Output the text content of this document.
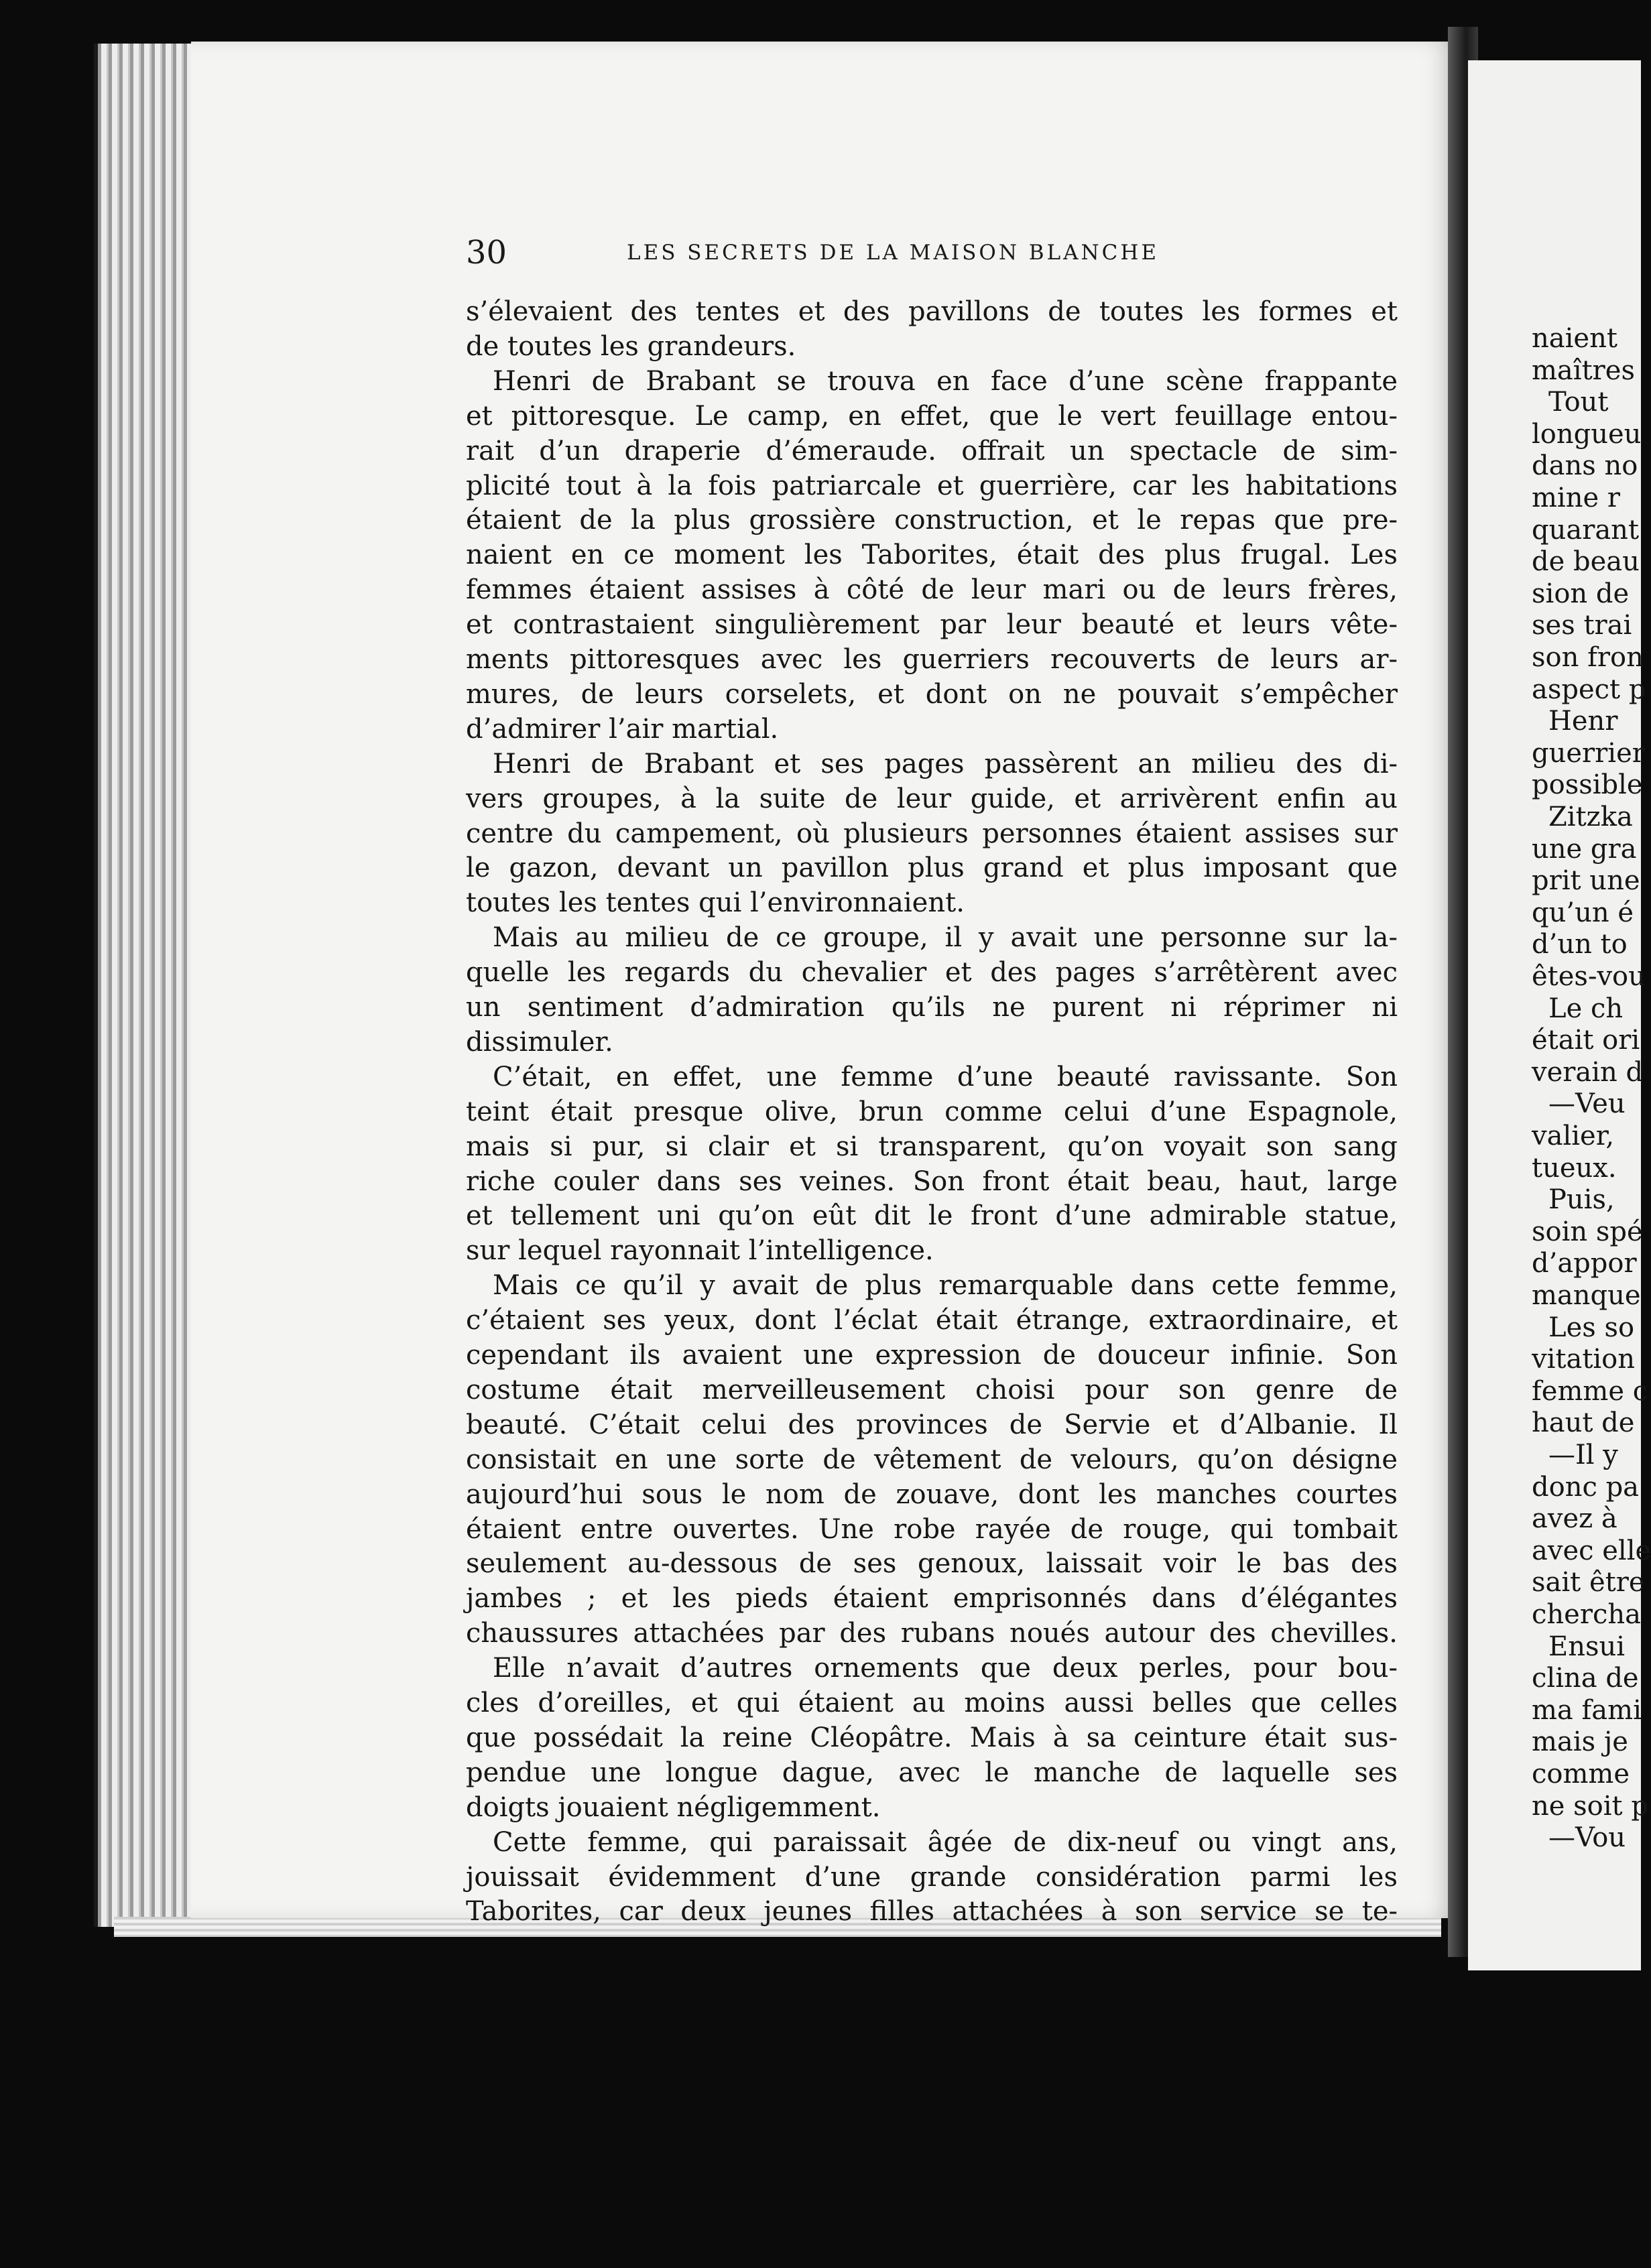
30	LES SECRETS DE LA MAISON BLANCHE
s’élevaient des tentes et des pavillons de toutes les formes et
de toutes les grandeurs.
Henri de Brabant se trouva en face d’une scène frappante
et pittoresque. Le camp, en effet, que le vert feuillage entou-
rait d’un draperie d’émeraude. offrait un spectacle de sim-
plicité tout à la fois patriarcale et guerrière, car les habitations
étaient de la plus grossière construction, et le repas que pre-
naient en ce moment les Taborites, était des plus frugal. Les
femmes étaient assises à côté de leur mari ou de leurs frères,
et contrastaient singulièrement par leur beauté et leurs vête-
ments pittoresques avec les guerriers recouverts de leurs ar-
mures, de leurs corselets, et dont on ne pouvait s’empêcher
d’admirer l’air martial.
Henri de Brabant et ses pages passèrent an milieu des di-
vers groupes, à la suite de leur guide, et arrivèrent enfin au
centre du campement, où plusieurs personnes étaient assises sur
le gazon, devant un pavillon plus grand et plus imposant que
toutes les tentes qui l’environnaient.
Mais au milieu de ce groupe, il y avait une personne sur la-
quelle les regards du chevalier et des pages s’arrêtèrent avec
un sentiment d’admiration qu’ils ne purent ni réprimer ni
dissimuler.
C’était, en effet, une femme d’une beauté ravissante. Son
teint était presque olive, brun comme celui d’une Espagnole,
mais si pur, si clair et si transparent, qu’on voyait son sang
riche couler dans ses veines. Son front était beau, haut, large
et tellement uni qu’on eût dit le front d’une admirable statue,
sur lequel rayonnait l’intelligence.
Mais ce qu’il y avait de plus remarquable dans cette femme,
c’étaient ses yeux, dont l’éclat était étrange, extraordinaire, et
cependant ils avaient une expression de douceur infinie. Son
costume était merveilleusement choisi pour son genre de
beauté. C’était celui des provinces de Servie et d’Albanie. Il
consistait en une sorte de vêtement de velours, qu’on désigne
aujourd’hui sous le nom de zouave, dont les manches courtes
étaient entre ouvertes. Une robe rayée de rouge, qui tombait
seulement au-dessous de ses genoux, laissait voir le bas des
jambes ; et les pieds étaient emprisonnés dans d’élégantes
chaussures attachées par des rubans noués autour des chevilles.
Elle n’avait d’autres ornements que deux perles, pour bou-
cles d’oreilles, et qui étaient au moins aussi belles que celles
que possédait la reine Cléopâtre. Mais à sa ceinture était sus-
pendue une longue dague, avec le manche de laquelle ses
doigts jouaient négligemment.
Cette femme, qui paraissait âgée de dix-neuf ou vingt ans,
jouissait évidemment d’une grande considération parmi les
Taborites, car deux jeunes filles attachées à son service se te-
naient
maîtres
Tout
longueu
dans no
mine r
quarant
de beau
sion de
ses trai
son fron
aspect p
Henr
guerrier
possible
Zitzka
une gra
prit une
qu’un é
d’un to
êtes-vou
Le ch
était ori
verain d
—Veu
valier,
tueux.
Puis,
soin spé
d’appor
manque
Les so
vitation
femme c
haut de
—Il y
donc pa
avez à
avec elle
sait être
chercha
Ensui
clina de
ma fami
mais je
comme
ne soit p
—Vou
